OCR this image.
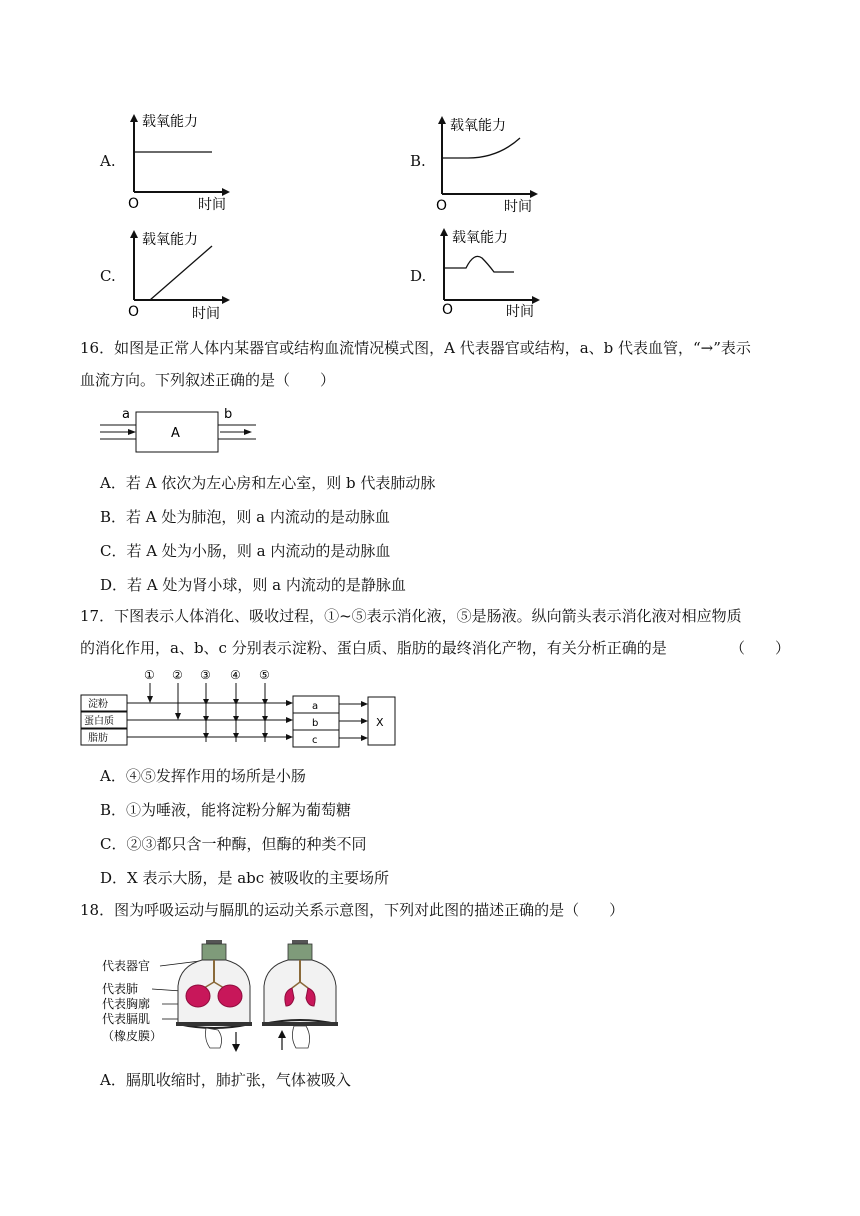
A.
载氧能力
O	时间
B.
载氧能力
O	时间
C.
载氧能力
O	时间
D.
载氧能力
O	时间
16．如图是正常人体内某器官或结构血流情况模式图，A 代表器官或结构，a、b 代表血管，“→”表示
血流方向。下列叙述正确的是（　　）
a	b
A
A．若 A 依次为左心房和左心室，则 b 代表肺动脉
B．若 A 处为肺泡，则 a 内流动的是动脉血
C．若 A 处为小肠，则 a 内流动的是动脉血
D．若 A 处为肾小球，则 a 内流动的是静脉血
17．下图表示人体消化、吸收过程，①~⑤表示消化液，⑤是肠液。纵向箭头表示消化液对相应物质
的消化作用，a、b、c 分别表示淀粉、蛋白质、脂肪的最终消化产物，有关分析正确的是	（　　）
淀粉
蛋白质
脂肪
① ② ③ ④ ⑤
a
b
c
X
A．④⑤发挥作用的场所是小肠
B．①为唾液，能将淀粉分解为葡萄糖
C．②③都只含一种酶，但酶的种类不同
D．X 表示大肠，是 abc 被吸收的主要场所
18．图为呼吸运动与膈肌的运动关系示意图，下列对此图的描述正确的是（　　）
代表器官
代表肺
代表胸廓
代表膈肌
（橡皮膜）
A．膈肌收缩时，肺扩张，气体被吸入
